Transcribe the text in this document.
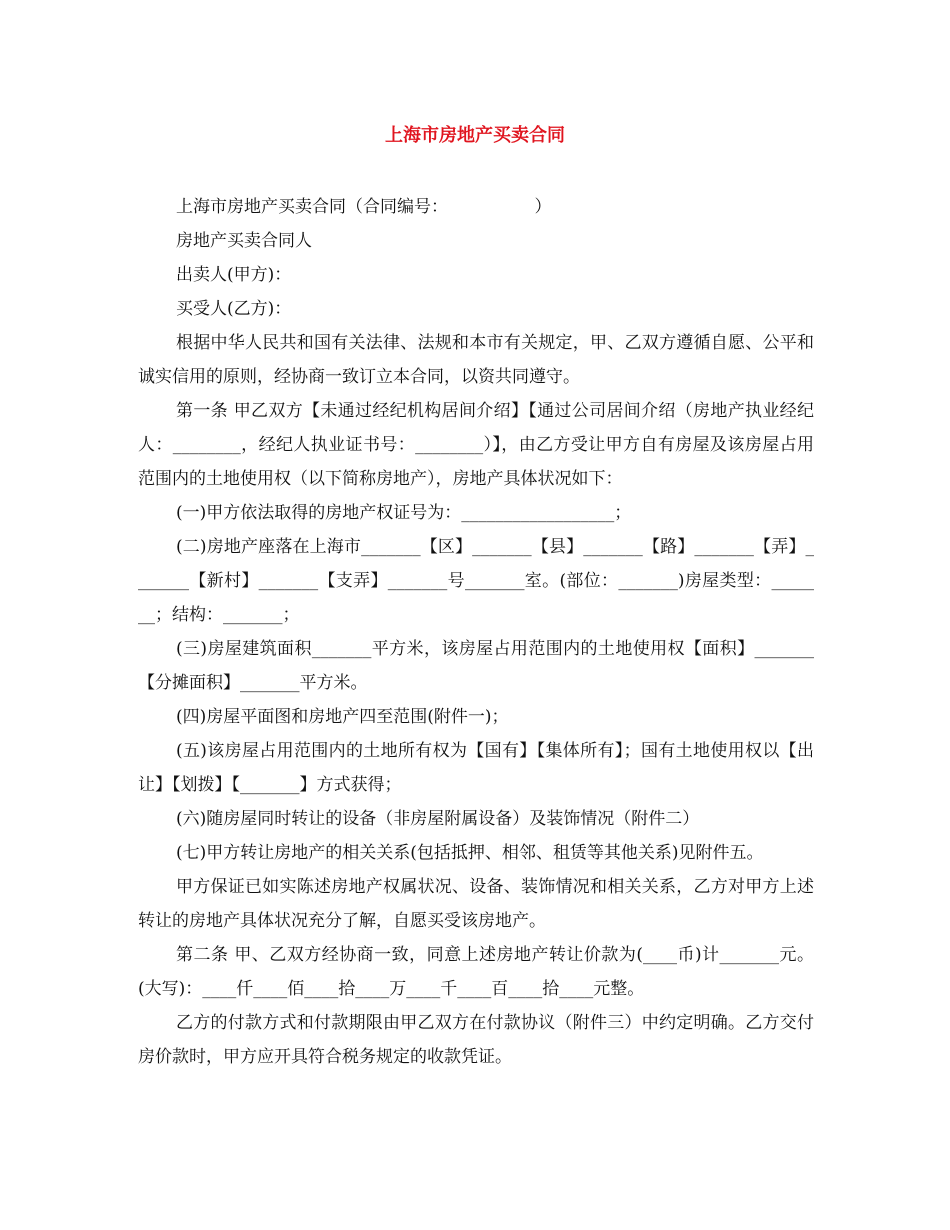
上海市房地产买卖合同

上海市房地产买卖合同（合同编号：                ）

房地产买卖合同人

出卖人(甲方)：

买受人(乙方)：

根据中华人民共和国有关法律、法规和本市有关规定，甲、乙双方遵循自愿、公平和诚实信用的原则，经协商一致订立本合同，以资共同遵守。

第一条 甲乙双方【未通过经纪机构居间介绍】【通过公司居间介绍（房地产执业经纪人：________，经纪人执业证书号：________）】，由乙方受让甲方自有房屋及该房屋占用范围内的土地使用权（以下简称房地产），房地产具体状况如下：

(一)甲方依法取得的房地产权证号为：__________________；

(二)房地产座落在上海市_______【区】_______【县】_______【路】_______【弄】_______【新村】_______【支弄】_______号_______室。(部位：_______)房屋类型：_______；结构：_______；

(三)房屋建筑面积_______平方米，该房屋占用范围内的土地使用权【面积】_______【分摊面积】_______平方米。

(四)房屋平面图和房地产四至范围(附件一)；

(五)该房屋占用范围内的土地所有权为【国有】【集体所有】；国有土地使用权以【出让】【划拨】【_______】方式获得；

(六)随房屋同时转让的设备（非房屋附属设备）及装饰情况（附件二）

(七)甲方转让房地产的相关关系(包括抵押、相邻、租赁等其他关系)见附件五。

甲方保证已如实陈述房地产权属状况、设备、装饰情况和相关关系，乙方对甲方上述转让的房地产具体状况充分了解，自愿买受该房地产。

第二条 甲、乙双方经协商一致，同意上述房地产转让价款为(____币)计_______元。(大写)：____仟____佰____拾____万____千____百____拾____元整。

乙方的付款方式和付款期限由甲乙双方在付款协议（附件三）中约定明确。乙方交付房价款时，甲方应开具符合税务规定的收款凭证。
